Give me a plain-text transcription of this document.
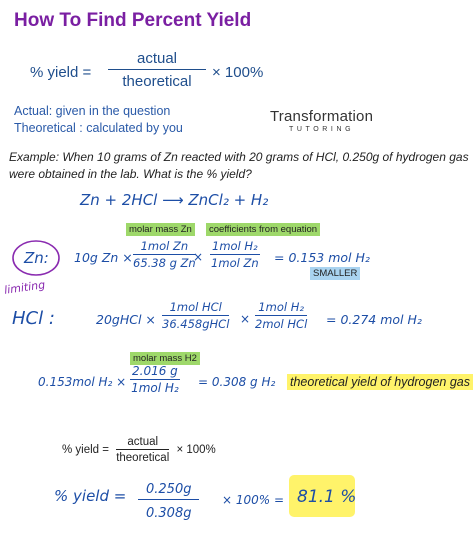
How To Find Percent Yield
% yield =
actual
theoretical
× 100%
Actual: given in the question
Theoretical : calculated by you
Transformation
TUTORING
Example: When 10 grams of Zn reacted with 20 grams of HCl, 0.250g of hydrogen gas were obtained in the lab. What is the % yield?
Zn + 2HCl ⟶ ZnCl₂ + H₂
molar mass Zn	coefficients from equation
Zn:
limiting
10g Zn ×
1mol Zn
65.38 g Zn
×
1mol H₂
1mol Zn = 0.153 mol H₂
SMALLER
HCl :	20gHCl ×
1mol HCl
36.458gHCl ×
1mol H₂
2mol HCl = 0.274 mol H₂
molar mass H2
0.153mol H₂ ×
2.016 g
1mol H₂ = 0.308 g H₂ theoretical yield of hydrogen gas
% yield = $\frac{\text{actual}}{\text{theoretical}} \times 100\%$
% yield = $\frac{0.250g}{0.308g} \times 100\% = 81.1$ %
